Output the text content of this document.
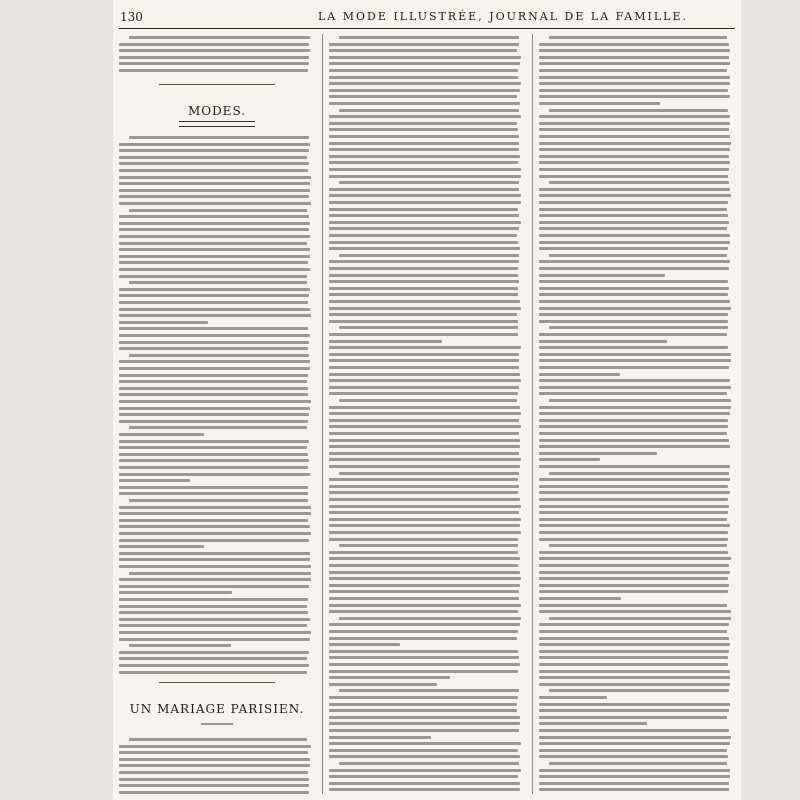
130	LA MODE ILLUSTRÉE, JOURNAL DE LA FAMILLE.
MODES.
UN MARIAGE PARISIEN.
